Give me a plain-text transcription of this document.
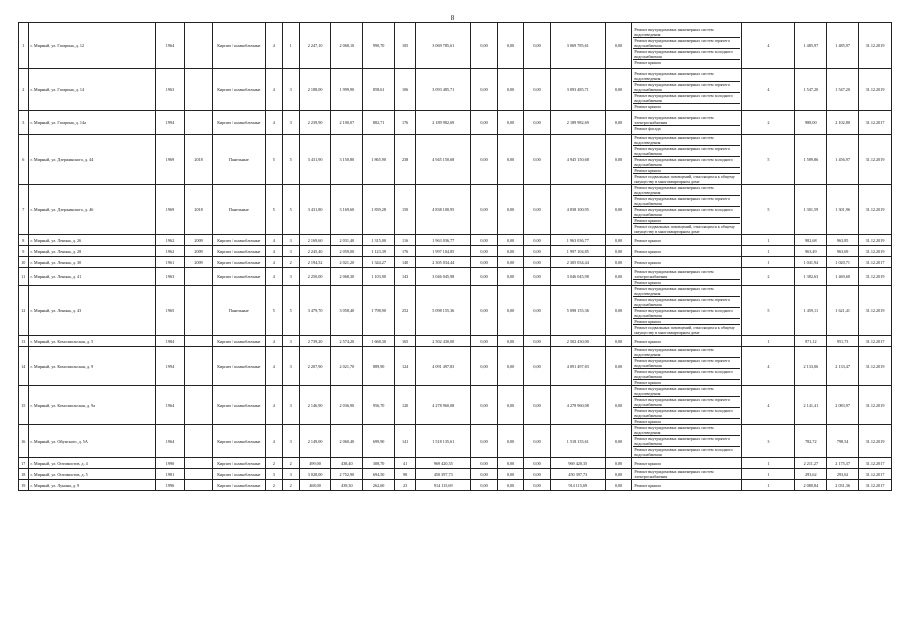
8
1	г. Мирный, ул. Гагарина, д. 12	1964		Кирпич / шлакоблочные	4	1	2 247,10	2 068,10	990,70	105	3 069 785,61	0,00	0,00	0,00	3 069 785,61	0,00	Ремонт внутридомовых инженерных систем водоотведения
Ремонт внутридомовых инженерных систем горячего водоснабжения
Ремонт внутридомовых инженерных систем холодного водоснабжения
Ремонт крыши	4	1 485,97	1 485,97	31.12.2019
2	г. Мирный, ул. Гагарина, д. 14	1963		Кирпич / шлакоблочные	4	3	2 188,00	1 999,90	858,61	106	3 093 485,71	0,00	0,00	0,00	3 093 485,71	0,00	Ремонт внутридомовых инженерных систем водоотведения
Ремонт внутридомовых инженерных систем горячего водоснабжения
Ремонт внутридомовых инженерных систем холодного водоснабжения
Ремонт крыши	4	1 547,20	1 547,20	31.12.2019
3	г. Мирный, ул. Гагарина, д. 14а	1994		Кирпич / шлакоблочные	4	3	2 239,90	2 100,07	882,71	176	2 189 982,69	0,00	0,00	0,00	2 189 982,69	0,00	Ремонт внутридомовых инженерных систем электроснабжения
Ремонт фасада	2	988,00	2 102,80	31.12.2017
6	г. Мирный, ул. Дзержинского, д. 44	1969	2018	Панельные	5	5	3 431,90	3 150,80	1 865,90	238	4 945 150,68	0,00	0,00	0,00	4 945 150,68	0,00	Ремонт внутридомовых инженерных систем водоотведения
Ремонт внутридомовых инженерных систем горячего водоснабжения
Ремонт внутридомовых инженерных систем холодного водоснабжения
Ремонт крыши
Ремонт подвальных помещений, относящихся к общему имуществу в многоквартирном доме	5	1 589,86	1 456,97	31.12.2019
7	г. Мирный, ул. Дзержинского, д. 46	1969	2018	Панельные	5	5	3 431,80	3 169,60	1 839,28	150	4 838 100,95	0,00	0,00	0,00	4 838 100,95	0,00	Ремонт внутридомовых инженерных систем водоотведения
Ремонт внутридомовых инженерных систем горячего водоснабжения
Ремонт внутридомовых инженерных систем холодного водоснабжения
Ремонт крыши
Ремонт подвальных помещений, относящихся к общему имуществу в многоквартирном доме	5	1 301,59	1 301,96	31.12.2019
8	г. Мирный, ул. Ленина, д. 26	1962	2009	Кирпич / шлакоблочные	4	3	2 169,60	2 031,40	1 315,00	116	1 963 036,77	0,00	0,00	0,00	1 963 036,77	0,00	Ремонт крыши	1	982,68	963,85	31.12.2019
9	г. Мирный, ул. Ленина, д. 28	1962	2009	Кирпич / шлакоблочные	4	3	2 245,40	2 059,00	1 123,39	176	1 997 104,85	0,00	0,00	0,00	1 997 104,85	0,00	Ремонт крыши	1	963,49	963,69	31.12.2019
10	г. Мирный, ул. Ленина, д. 30	1961	2009	Кирпич / шлакоблочные	4	2	2 194,52	2 021,20	1 344,27	140	2 305 034,44	0,00	0,00	0,00	2 305 034,44	0,00	Ремонт крыши	1	1 041,94	1 020,71	31.12.2017
11	г. Мирный, ул. Ленина, д. 41	1963		Кирпич / шлакоблочные	4	3	2 250,00	2 068,30	1 103,90	143	3 046 045,98	0,00	0,00	0,00	3 046 045,98	0,00	Ремонт внутридомовых инженерных систем электроснабжения
Ремонт крыши	2	1 382,63	1 469,60	31.12.2019
12	г. Мирный, ул. Ленина, д. 43	1965		Панельные	5	5	3 479,70	3 058,40	1 798,90	252	5 098 155,36	0,00	0,00	0,00	5 098 155,36	0,00	Ремонт внутридомовых инженерных систем водоотведения
Ремонт внутридомовых инженерных систем горячего водоснабжения
Ремонт внутридомовых инженерных систем холодного водоснабжения
Ремонт крыши
Ремонт подвальных помещений, относящихся к общему имуществу в многоквартирном доме	5	1 459,11	1 621,41	31.12.2019
13	г. Мирный, ул. Комсомольская, д. 5	1984		Кирпич / шлакоблочные	4	3	2 739,20	2 574,20	1 668,30	165	2 502 430,00	0,00	0,00	0,00	2 502 430,00	0,00	Ремонт крыши	1	971,12	951,73	31.12.2017
14	г. Мирный, ул. Комсомольская, д. 9	1994		Кирпич / шлакоблочные	4	3	2 207,90	2 021,70	889,90	124	4 091 497,83	0,00	0,00	0,00	4 091 497,83	0,00	Ремонт внутридомовых инженерных систем водоотведения
Ремонт внутридомовых инженерных систем горячего водоснабжения
Ремонт внутридомовых инженерных систем холодного водоснабжения
Ремонт крыши	4	2 133,06	2 133,47	31.12.2019
15	г. Мирный, ул. Комсомольская, д. 9а	1964		Кирпич / шлакоблочные	4	3	2 146,90	2 036,90	956,70	120	4 278 960,08	0,00	0,00	0,00	4 278 960,08	0,00	Ремонт внутридомовых инженерных систем водоотведения
Ремонт внутридомовых инженерных систем горячего водоснабжения
Ремонт внутридомовых инженерных систем холодного водоснабжения
Ремонт крыши	4	2 141,41	2 083,97	31.12.2019
16	г. Мирный, ул. Ойунского, д. 5А	1964		Кирпич / шлакоблочные	4	3	2 149,00	2 060,40	699,90	141	1 518 135,61	0,00	0,00	0,00	1 518 135,61	0,00	Ремонт внутридомовых инженерных систем водоотведения
Ремонт внутридомовых инженерных систем горячего водоснабжения
Ремонт внутридомовых инженерных систем холодного водоснабжения	3	782,72	798,54	31.12.2019
17	г. Мирный, ул. Оптимистов, д. 4	1990		Кирпич / шлакоблочные	2	2	499,00	438,40	308,70	41	969 420,35	0,00	0,00	0,00	969 420,35	0,00	Ремонт крыши	1	2 211,27	2 175,37	31.12.2017
18	г. Мирный, ул. Оптимистов, д. 5	1981		Кирпич / шлакоблочные	3	3	3 028,00	2 752,90	694,50	98	450 397,73	0,00	0,00	0,00	450 397,73	0,00	Ремонт внутридомовых инженерных систем электроснабжения	1	293,62	293,62	31.12.2017
19	г. Мирный, ул. Лунина, д. 9	1996		Кирпич / шлакоблочные	2	2	468,00	439,30	262,60	23	914 115,69	0,00	0,00	0,00	914 115,69	0,00	Ремонт крыши	1	2 080,84	2 031,36	31.12.2017
